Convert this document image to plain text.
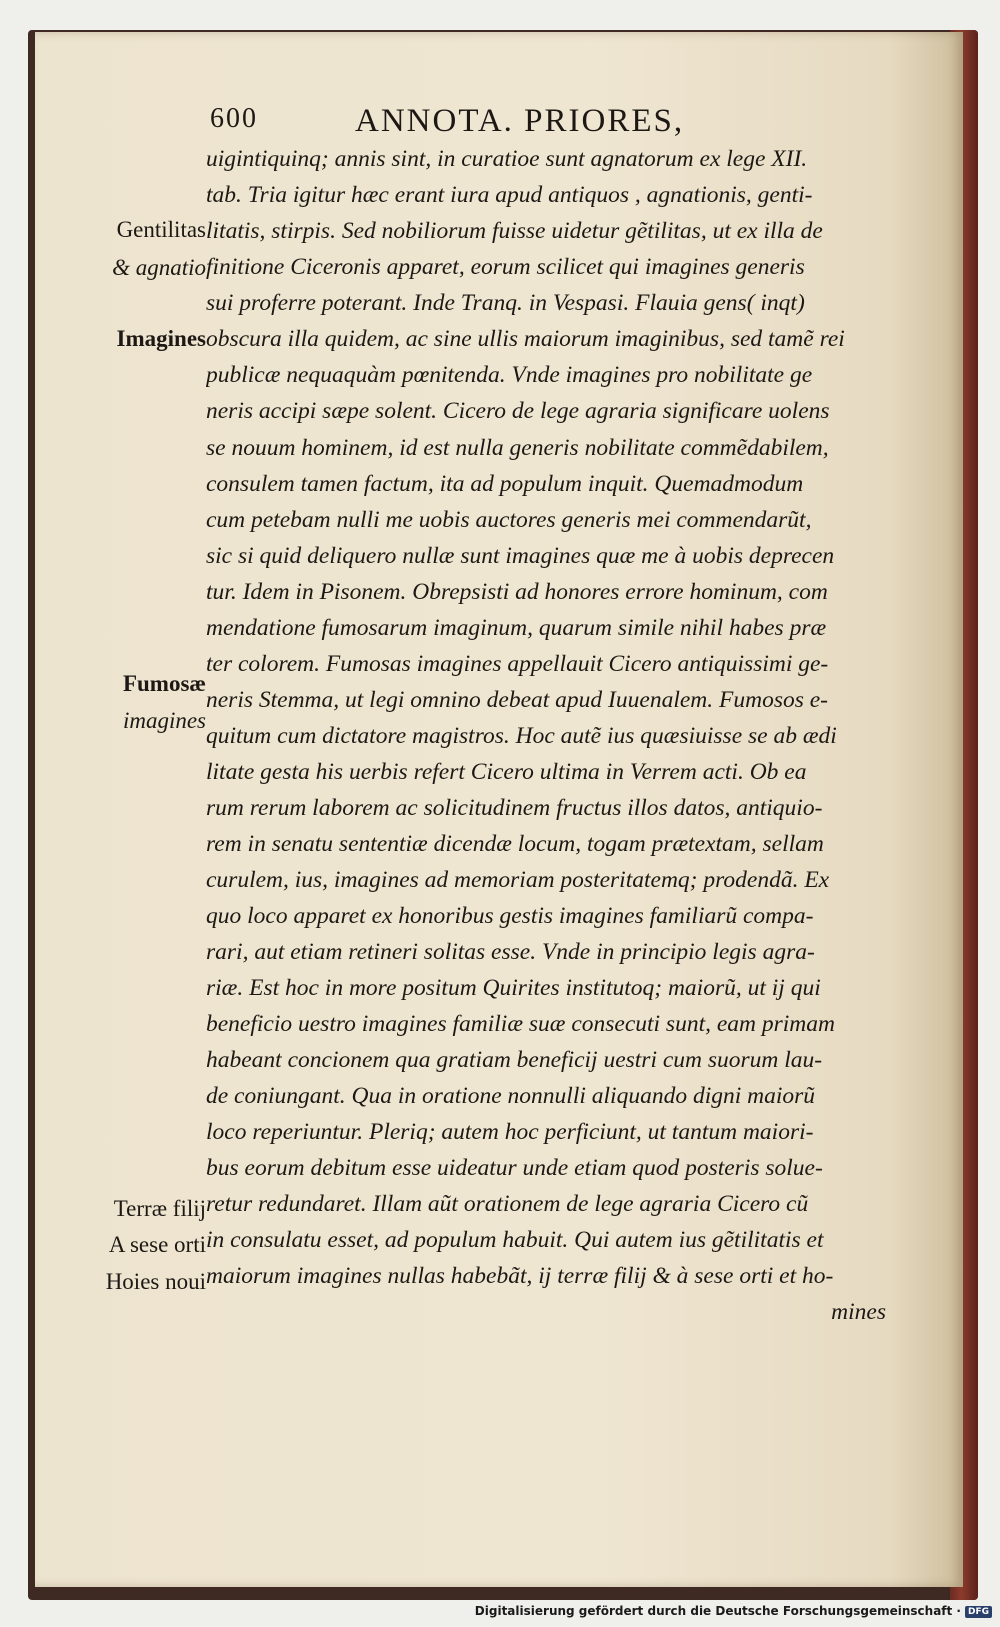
600	ANNOTA. PRIORES,
Gentilitas
& agnatio
Imagines
Fumosæ
imagines
Terræ filij
A sese orti
Hoies noui
uigintiquinq; annis sint, in curatioe sunt agnatorum ex lege XII.
tab. Tria igitur hæc erant iura apud antiquos , agnationis, genti-
litatis, stirpis. Sed nobiliorum fuisse uidetur gẽtilitas, ut ex illa de
finitione Ciceronis apparet, eorum scilicet qui imagines generis
sui proferre poterant. Inde Tranq. in Vespasi. Flauia gens( inqt)
obscura illa quidem, ac sine ullis maiorum imaginibus, sed tamẽ rei
publicæ nequaquàm pœnitenda. Vnde imagines pro nobilitate ge
neris accipi sæpe solent. Cicero de lege agraria significare uolens
se nouum hominem, id est nulla generis nobilitate commẽdabilem,
consulem tamen factum, ita ad populum inquit. Quemadmodum
cum petebam nulli me uobis auctores generis mei commendarũt,
sic si quid deliquero nullæ sunt imagines quæ me à uobis deprecen
tur. Idem in Pisonem. Obrepsisti ad honores errore hominum, com
mendatione fumosarum imaginum, quarum simile nihil habes præ
ter colorem. Fumosas imagines appellauit Cicero antiquissimi ge-
neris Stemma, ut legi omnino debeat apud Iuuenalem. Fumosos e-
quitum cum dictatore magistros. Hoc autẽ ius quæsiuisse se ab ædi
litate gesta his uerbis refert Cicero ultima in Verrem acti. Ob ea
rum rerum laborem ac solicitudinem fructus illos datos, antiquio-
rem in senatu sententiæ dicendæ locum, togam prætextam, sellam
curulem, ius, imagines ad memoriam posteritatemq; prodendã. Ex
quo loco apparet ex honoribus gestis imagines familiarũ compa-
rari, aut etiam retineri solitas esse. Vnde in principio legis agra-
riæ. Est hoc in more positum Quirites institutoq; maiorũ, ut ij qui
beneficio uestro imagines familiæ suæ consecuti sunt, eam primam
habeant concionem qua gratiam beneficij uestri cum suorum lau-
de coniungant. Qua in oratione nonnulli aliquando digni maiorũ
loco reperiuntur. Pleriq; autem hoc perficiunt, ut tantum maiori-
bus eorum debitum esse uideatur unde etiam quod posteris solue-
retur redundaret. Illam aũt orationem de lege agraria Cicero cũ
in consulatu esset, ad populum habuit. Qui autem ius gẽtilitatis et
maiorum imagines nullas habebãt, ij terræ filij & à sese orti et ho-
mines
Digitalisierung gefördert durch die Deutsche Forschungsgemeinschaft · DFG
